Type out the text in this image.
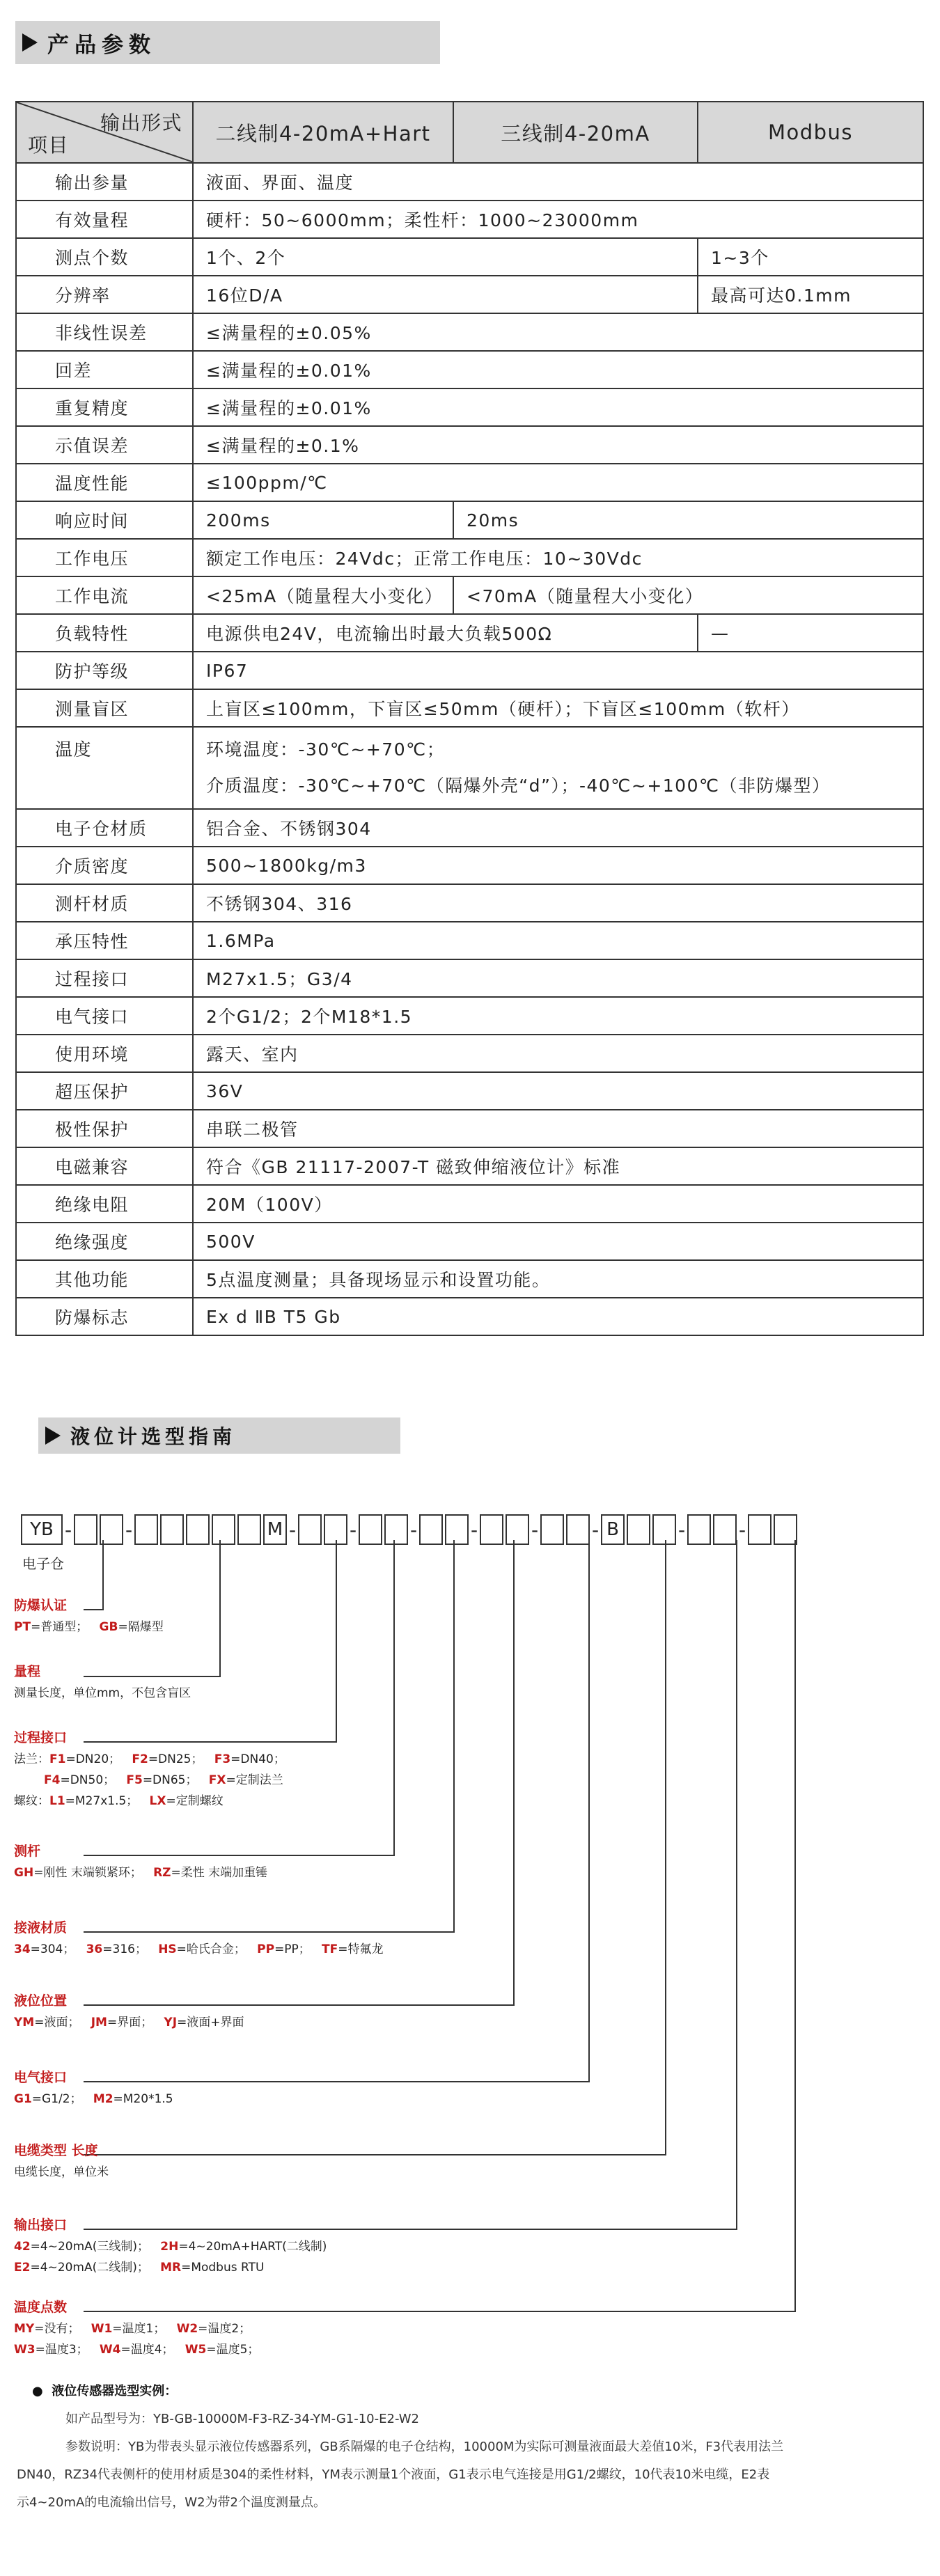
产品参数
输出形式
项目	二线制4-20mA+Hart	三线制4-20mA	Modbus
输出参量	液面、界面、温度		
有效量程	硬杆：50~6000mm；柔性杆：1000~23000mm		
测点个数	1个、2个		1~3个
分辨率	16位D/A		最高可达0.1mm
非线性误差	≤满量程的±0.05%		
回差	≤满量程的±0.01%		
重复精度	≤满量程的±0.01%		
示值误差	≤满量程的±0.1%		
温度性能	≤100ppm/℃		
响应时间	200ms	20ms	
工作电压	额定工作电压：24Vdc；正常工作电压：10~30Vdc		
工作电流	<25mA（随量程大小变化）	<70mA（随量程大小变化）	
负载特性	电源供电24V，电流输出时最大负载500Ω		—
防护等级	IP67		
测量盲区	上盲区≤100mm，下盲区≤50mm（硬杆）；下盲区≤100mm（软杆）		
温度	环境温度：-30℃~+70℃；
介质温度：-30℃~+70℃（隔爆外壳“d”）；-40℃~+100℃（非防爆型）		

电子仓材质	铝合金、不锈钢304		
介质密度	500~1800kg/m3		
测杆材质	不锈钢304、316		
承压特性	1.6MPa		
过程接口	M27x1.5；G3/4		
电气接口	2个G1/2；2个M18*1.5		
使用环境	露天、室内		
超压保护	36V		
极性保护	串联二极管		
电磁兼容	符合《GB 21117-2007-T 磁致伸缩液位计》标准		
绝缘电阻	20M（100V）		
绝缘强度	500V		
其他功能	5点温度测量；具备现场显示和设置功能。		
防爆标志	Ex d ⅡB T5 Gb		
液位计选型指南
YB -	-	M -	-	-	-	-	- B	-	-
电子仓
防爆认证
PT=普通型； GB=隔爆型
量程
测量长度，单位mm，不包含盲区
过程接口
法兰：F1=DN20； F2=DN25； F3=DN40；
F4=DN50； F5=DN65； FX=定制法兰
螺纹：L1=M27x1.5； LX=定制螺纹
测杆
GH=刚性 末端锁紧环； RZ=柔性 末端加重锤
接液材质
34=304； 36=316； HS=哈氏合金； PP=PP； TF=特氟龙
液位位置
YM=液面； JM=界面； YJ=液面+界面
电气接口
G1=G1/2； M2=M20*1.5
电缆类型 长度
电缆长度，单位米
输出接口
42=4~20mA(三线制)； 2H=4~20mA+HART(二线制)
E2=4~20mA(二线制)； MR=Modbus RTU
温度点数
MY=没有； W1=温度1； W2=温度2；
W3=温度3； W4=温度4； W5=温度5；

●  液位传感器选型实例：

如产品型号为：YB-GB-10000M-F3-RZ-34-YM-G1-10-E2-W2

参数说明：YB为带表头显示液位传感器系列，GB系隔爆的电子仓结构，10000M为实际可测量液面最大差值10米，F3代表用法兰

DN40，RZ34代表侧杆的使用材质是304的柔性材料，YM表示测量1个液面，G1表示电气连接是用G1/2螺纹，10代表10米电缆，E2表

示4~20mA的电流输出信号，W2为带2个温度测量点。
